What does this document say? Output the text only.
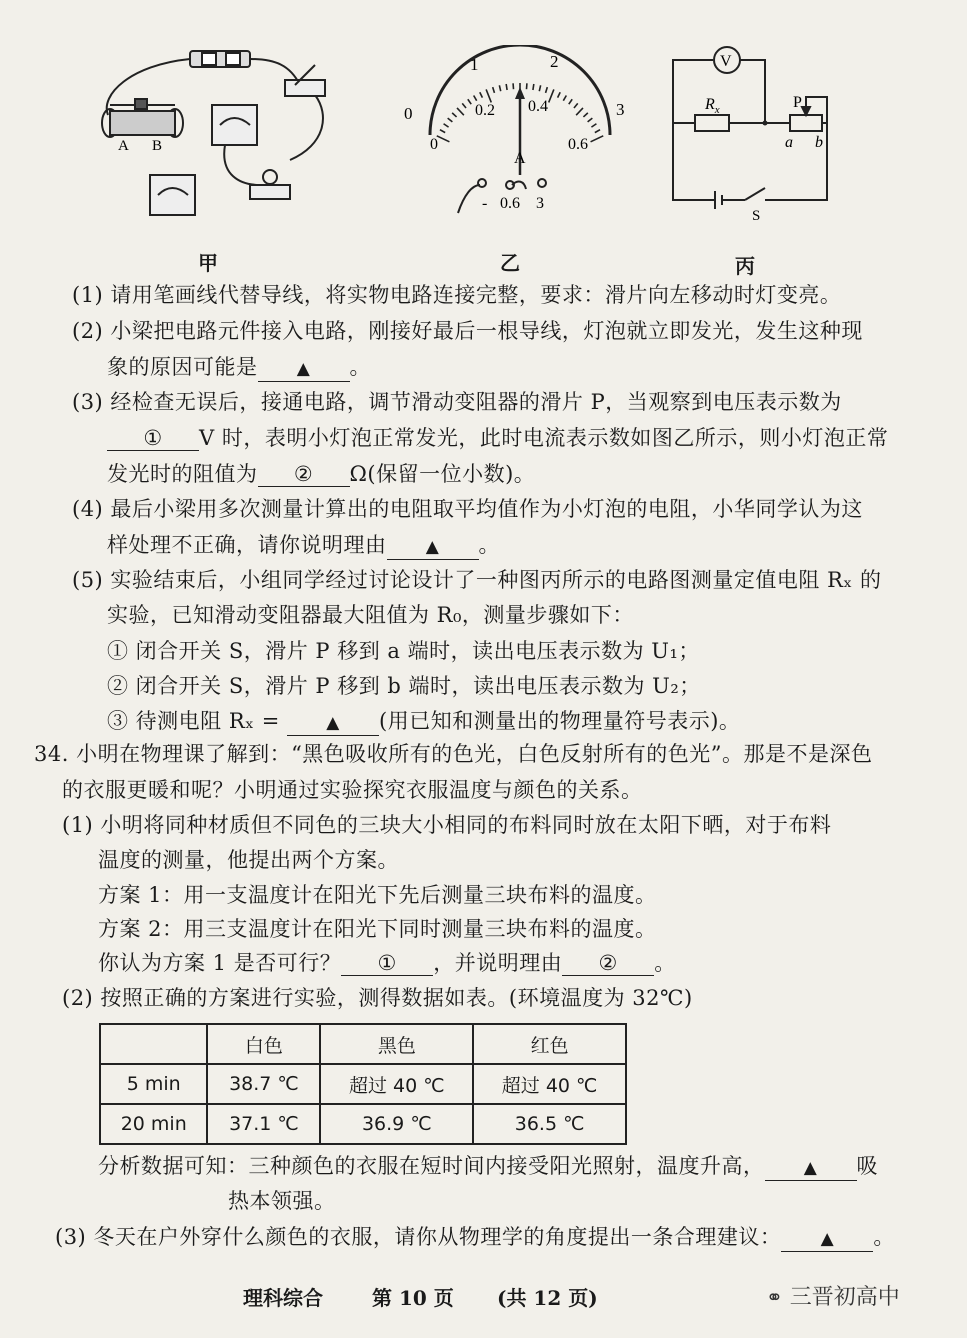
A B
0
1	2
3
0
0.2 0.4
0.6
A
- 0.6 3
V
$R_x$	P
a b
S
甲	乙	丙
(1) 请用笔画线代替导线，将实物电路连接完整，要求：滑片向左移动时灯变亮。
(2) 小梁把电路元件接入电路，刚接好最后一根导线，灯泡就立即发光，发生这种现
象的原因可能是 ▲ 。
(3) 经检查无误后，接通电路，调节滑动变阻器的滑片 P，当观察到电压表示数为
① V 时，表明小灯泡正常发光，此时电流表示数如图乙所示，则小灯泡正常
发光时的阻值为 ② Ω(保留一位小数)。
(4) 最后小梁用多次测量计算出的电阻取平均值作为小灯泡的电阻，小华同学认为这
样处理不正确，请你说明理由 ▲ 。
(5) 实验结束后，小组同学经过讨论设计了一种图丙所示的电路图测量定值电阻 Rₓ 的
实验，已知滑动变阻器最大阻值为 R₀，测量步骤如下：
① 闭合开关 S，滑片 P 移到 a 端时，读出电压表示数为 U₁；
② 闭合开关 S，滑片 P 移到 b 端时，读出电压表示数为 U₂；
③ 待测电阻 Rₓ =	▲ (用已知和测量出的物理量符号表示)。
34. 小明在物理课了解到：“黑色吸收所有的色光，白色反射所有的色光”。那是不是深色
的衣服更暖和呢？小明通过实验探究衣服温度与颜色的关系。
(1) 小明将同种材质但不同色的三块大小相同的布料同时放在太阳下晒，对于布料
温度的测量，他提出两个方案。
方案 1：用一支温度计在阳光下先后测量三块布料的温度。
方案 2：用三支温度计在阳光下同时测量三块布料的温度。
你认为方案 1 是否可行？ ① ，并说明理由 ② 。
(2) 按照正确的方案进行实验，测得数据如表。(环境温度为 32℃)
	白色	黑色	红色
5 min	38.7 ℃	超过 40 ℃	超过 40 ℃
20 min	37.1 ℃	36.9 ℃	36.5 ℃
分析数据可知：三种颜色的衣服在短时间内接受阳光照射，温度升高， ▲ 吸
热本领强。
(3) 冬天在户外穿什么颜色的衣服，请你从物理学的角度提出一条合理建议： ▲ 。
理科综合 第 10 页 (共 12 页)	⚭ 三晋初高中
